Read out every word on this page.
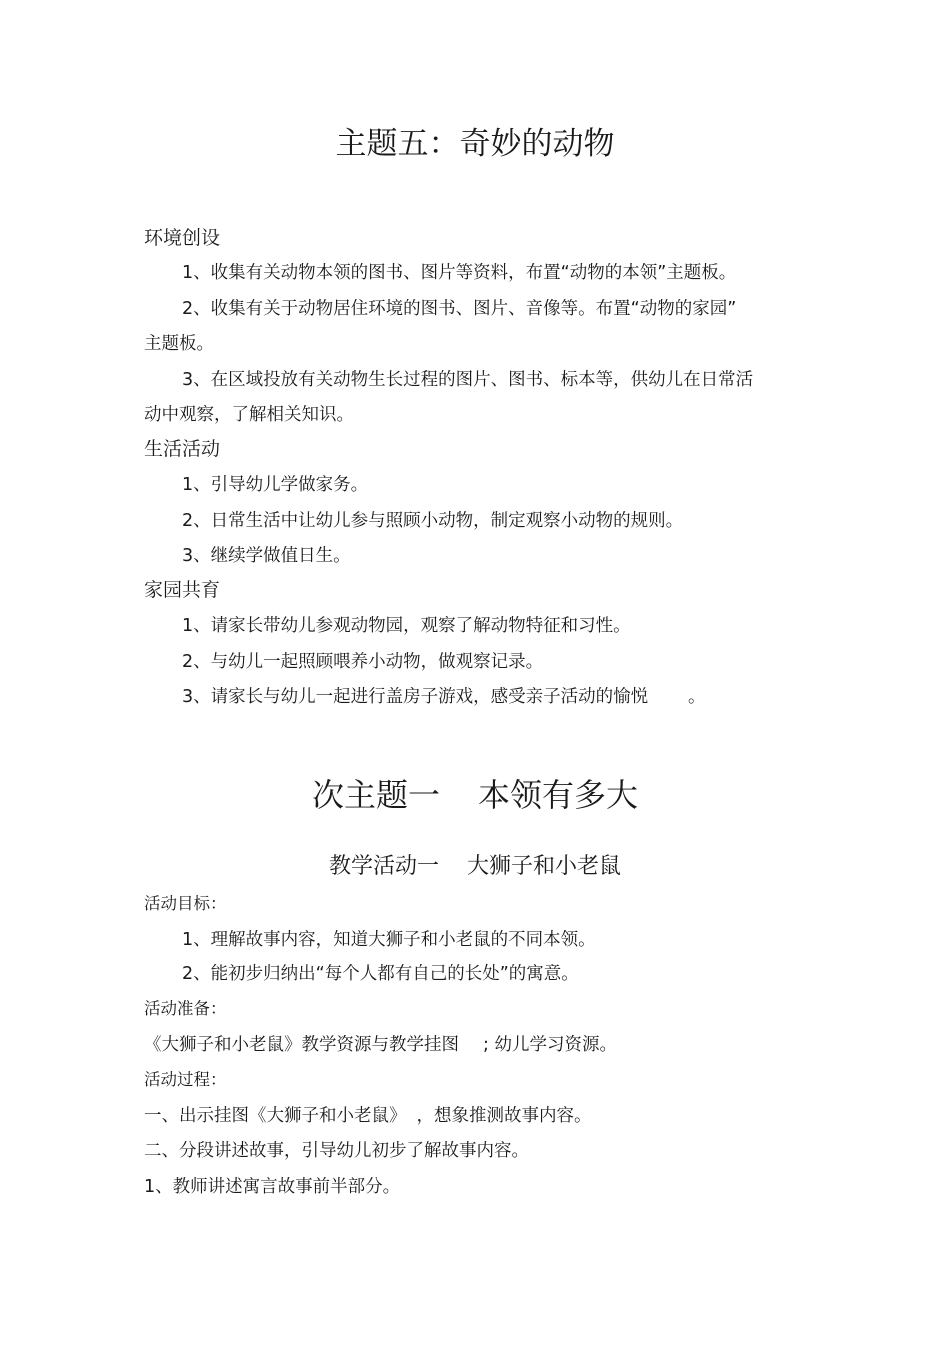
主题五：奇妙的动物
环境创设
1、收集有关动物本领的图书、图片等资料，布置“动物的本领”主题板。
2、收集有关于动物居住环境的图书、图片、音像等。布置“动物的家园”
主题板。
3、在区域投放有关动物生长过程的图片、图书、标本等，供幼儿在日常活
动中观察，了解相关知识。
生活活动
1、引导幼儿学做家务。
2、日常生活中让幼儿参与照顾小动物，制定观察小动物的规则。
3、继续学做值日生。
家园共育
1、请家长带幼儿参观动物园，观察了解动物特征和习性。
2、与幼儿一起照顾喂养小动物，做观察记录。
3、请家长与幼儿一起进行盖房子游戏，感受亲子活动的愉悦 。
次主题一 本领有多大
教学活动一 大狮子和小老鼠
活动目标：
1、理解故事内容，知道大狮子和小老鼠的不同本领。
2、能初步归纳出“每个人都有自己的长处”的寓意。
活动准备：
《大狮子和小老鼠》教学资源与教学挂图 ; 幼儿学习资源。
活动过程：
一、出示挂图《大狮子和小老鼠》 ，想象推测故事内容。
二、分段讲述故事，引导幼儿初步了解故事内容。
1、教师讲述寓言故事前半部分。
